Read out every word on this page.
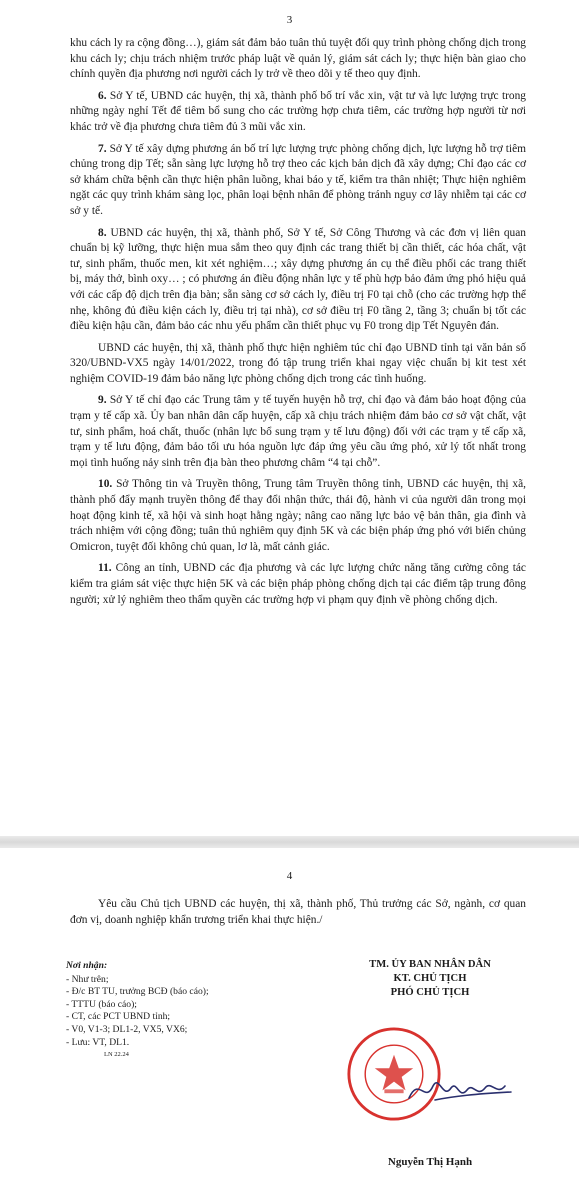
3

khu cách ly ra cộng đồng…), giám sát đảm bảo tuân thủ tuyệt đối quy trình phòng chống dịch trong khu cách ly; chịu trách nhiệm trước pháp luật về quản lý, giám sát cách ly; thực hiện bàn giao cho chính quyền địa phương nơi người cách ly trở về theo dõi y tế theo quy định.

6. Sở Y tế, UBND các huyện, thị xã, thành phố bố trí vắc xin, vật tư và lực lượng trực trong những ngày nghỉ Tết để tiêm bổ sung cho các trường hợp chưa tiêm, các trường hợp người từ nơi khác trở về địa phương chưa tiêm đủ 3 mũi vắc xin.

7. Sở Y tế xây dựng phương án bố trí lực lượng trực phòng chống dịch, lực lượng hỗ trợ tiêm chủng trong dịp Tết; sẵn sàng lực lượng hỗ trợ theo các kịch bản dịch đã xây dựng; Chỉ đạo các cơ sở khám chữa bệnh cần thực hiện phân luồng, khai báo y tế, kiểm tra thân nhiệt; Thực hiện nghiêm ngặt các quy trình khám sàng lọc, phân loại bệnh nhân để phòng tránh nguy cơ lây nhiễm tại các cơ sở y tế.

8. UBND các huyện, thị xã, thành phố, Sở Y tế, Sở Công Thương và các đơn vị liên quan chuẩn bị kỹ lưỡng, thực hiện mua sắm theo quy định các trang thiết bị cần thiết, các hóa chất, vật tư, sinh phẩm, thuốc men, kit xét nghiệm…; xây dựng phương án cụ thể điều phối các trang thiết bị, máy thở, bình oxy… ; có phương án điều động nhân lực y tế phù hợp bảo đảm ứng phó hiệu quả với các cấp độ dịch trên địa bàn; sẵn sàng cơ sở cách ly, điều trị F0 tại chỗ (cho các trường hợp thể nhẹ, không đủ điều kiện cách ly, điều trị tại nhà), cơ sở điều trị F0 tầng 2, tầng 3; chuẩn bị tốt các điều kiện hậu cần, đảm bảo các nhu yếu phẩm cần thiết phục vụ F0 trong dịp Tết Nguyên đán.

UBND các huyện, thị xã, thành phố thực hiện nghiêm túc chỉ đạo UBND tỉnh tại văn bản số 320/UBND-VX5 ngày 14/01/2022, trong đó tập trung triển khai ngay việc chuẩn bị kit test xét nghiệm COVID-19 đảm bảo năng lực phòng chống dịch trong các tình huống.

9. Sở Y tế chỉ đạo các Trung tâm y tế tuyến huyện hỗ trợ, chỉ đạo và đảm bảo hoạt động của trạm y tế cấp xã. Ủy ban nhân dân cấp huyện, cấp xã chịu trách nhiệm đảm bảo cơ sở vật chất, vật tư, sinh phẩm, hoá chất, thuốc (nhân lực bổ sung trạm y tế lưu động) đối với các trạm y tế cấp xã, trạm y tế lưu động, đảm bảo tối ưu hóa nguồn lực đáp ứng yêu cầu ứng phó, xử lý tốt nhất trong mọi tình huống nảy sinh trên địa bàn theo phương châm “4 tại chỗ”.

10. Sở Thông tin và Truyền thông, Trung tâm Truyền thông tỉnh, UBND các huyện, thị xã, thành phố đẩy mạnh truyền thông để thay đổi nhận thức, thái độ, hành vi của người dân trong mọi hoạt động kinh tế, xã hội và sinh hoạt hằng ngày; nâng cao năng lực bảo vệ bản thân, gia đình và trách nhiệm với cộng đồng; tuân thủ nghiêm quy định 5K và các biện pháp ứng phó với biến chủng Omicron, tuyệt đối không chủ quan, lơ là, mất cảnh giác.

11. Công an tỉnh, UBND các địa phương và các lực lượng chức năng tăng cường công tác kiểm tra giám sát việc thực hiện 5K và các biện pháp phòng chống dịch tại các điểm tập trung đông người; xử lý nghiêm theo thẩm quyền các trường hợp vi phạm quy định về phòng chống dịch.

4
Yêu cầu Chủ tịch UBND các huyện, thị xã, thành phố, Thủ trưởng các Sở, ngành, cơ quan đơn vị, doanh nghiệp khẩn trương triển khai thực hiện./
Nơi nhận:
- Như trên;
- Đ/c BT TU, trưởng BCĐ (báo cáo);
- TTTU (báo cáo);
- CT, các PCT UBND tỉnh;
- V0, V1-3; DL1-2, VX5, VX6;
- Lưu: VT, DL1.
LN 22.24
TM. ỦY BAN NHÂN DÂN
KT. CHỦ TỊCH
PHÓ CHỦ TỊCH
Nguyễn Thị Hạnh
